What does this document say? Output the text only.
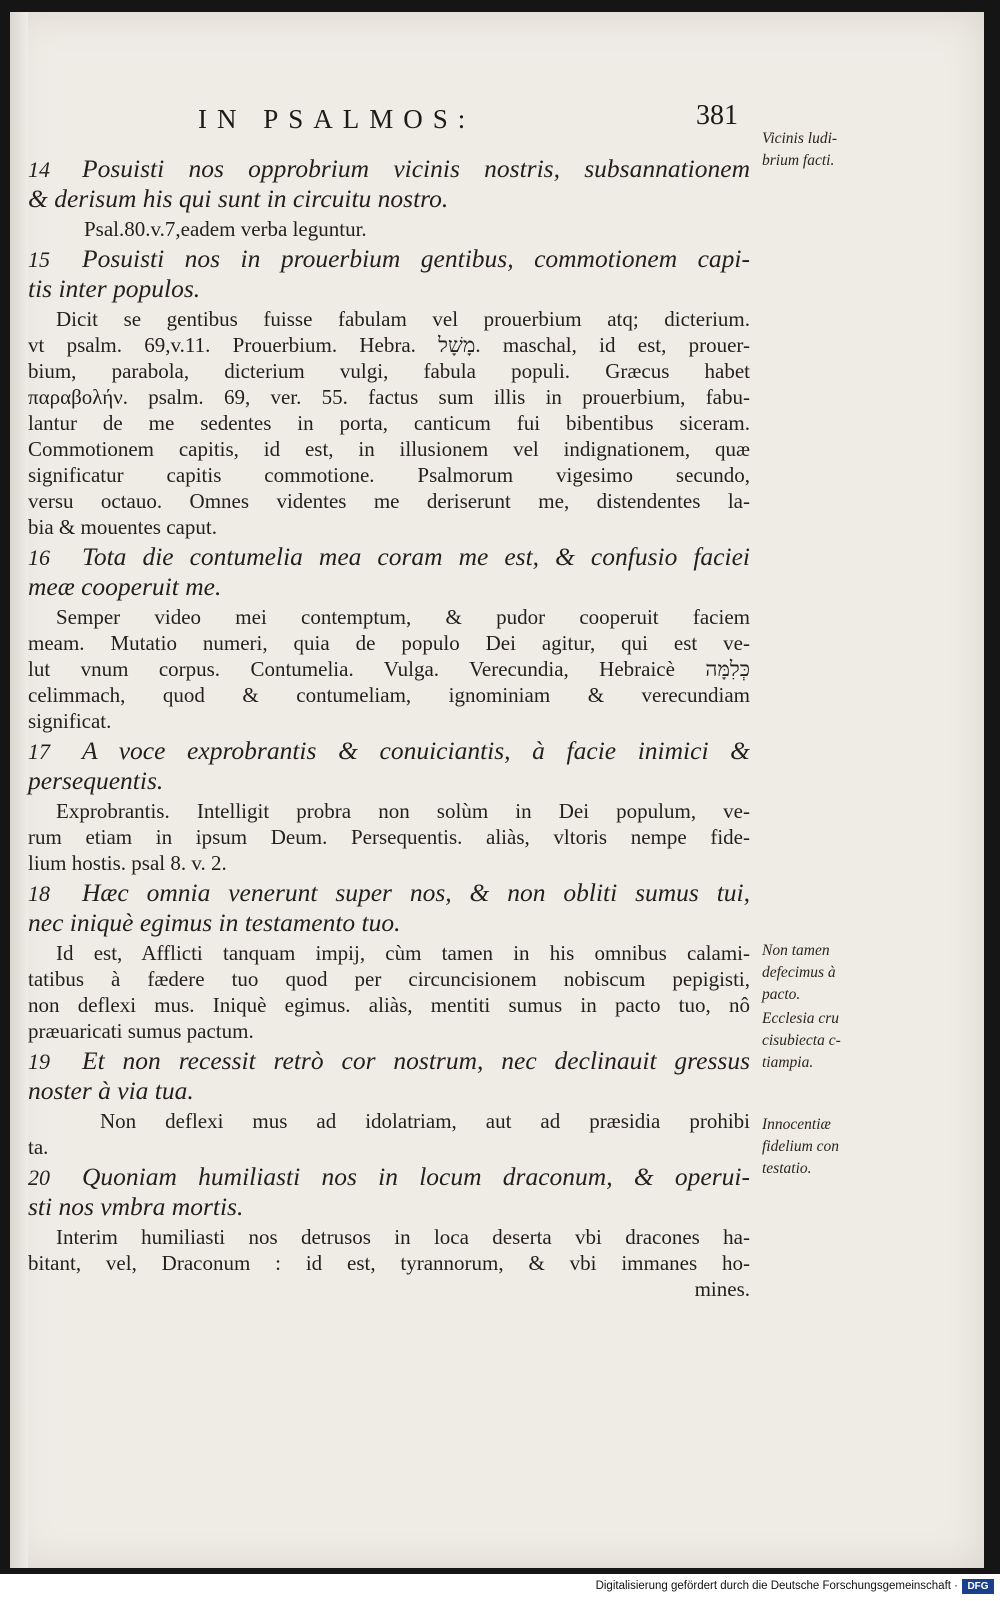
IN PSALMOS:	381
14 Posuisti nos opprobrium vicinis nostris, subsannationem
& derisum his qui sunt in circuitu nostro.
Psal.80.v.7,eadem verba leguntur.
15 Posuisti nos in prouerbium gentibus, commotionem capi-
tis inter populos.
Dicit se gentibus fuisse fabulam vel prouerbium atq; dicterium.
vt psalm. 69,v.11. Prouerbium. Hebra. מָשָׁל. maschal, id est, prouer-
bium, parabola, dicterium vulgi, fabula populi. Græcus habet
παραβολήν. psalm. 69, ver. 55. factus sum illis in prouerbium, fabu-
lantur de me sedentes in porta, canticum fui bibentibus siceram.
Commotionem capitis, id est, in illusionem vel indignationem, quæ
significatur capitis commotione. Psalmorum vigesimo secundo,
versu octauo. Omnes videntes me deriserunt me, distendentes la-
bia & mouentes caput.
16 Tota die contumelia mea coram me est, & confusio faciei
meæ cooperuit me.
Semper video mei contemptum, & pudor cooperuit faciem
meam. Mutatio numeri, quia de populo Dei agitur, qui est ve-
lut vnum corpus. Contumelia. Vulga. Verecundia, Hebraicè כְּלִמָּה
celimmach, quod & contumeliam, ignominiam & verecundiam
significat.
17 A voce exprobrantis & conuiciantis, à facie inimici &
persequentis.
Exprobrantis. Intelligit probra non solùm in Dei populum, ve-
rum etiam in ipsum Deum. Persequentis. aliàs, vltoris nempe fide-
lium hostis. psal 8. v. 2.
18 Hæc omnia venerunt super nos, & non obliti sumus tui,
nec iniquè egimus in testamento tuo.
Id est, Afflicti tanquam impij, cùm tamen in his omnibus calami-
tatibus à fædere tuo quod per circuncisionem nobiscum pepigisti,
non deflexi mus. Iniquè egimus. aliàs, mentiti sumus in pacto tuo, nô
præuaricati sumus pactum.
19 Et non recessit retrò cor nostrum, nec declinauit gressus
noster à via tua.
Non deflexi mus ad idolatriam, aut ad præsidia prohibi
ta.
20 Quoniam humiliasti nos in locum draconum, & operui-
sti nos vmbra mortis.
Interim humiliasti nos detrusos in loca deserta vbi dracones ha-
bitant, vel, Draconum : id est, tyrannorum, & vbi immanes ho-
mines.
Vicinis ludi-
brium facti.
Non tamen
defecimus à
pacto.
Ecclesia cru
cisubiecta c-
tiampia.
Innocentiæ
fidelium con
testatio.
Digitalisierung gefördert durch die Deutsche Forschungsgemeinschaft · DFG
